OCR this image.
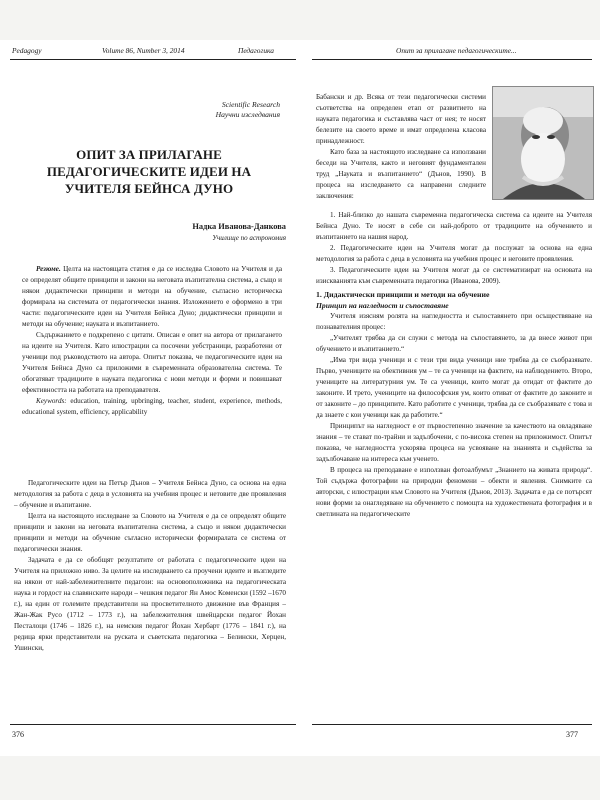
Pedagogy	Volume 86, Number 3, 2014	Педагогика
Scientific Research
Научни изследвания
ОПИТ ЗА ПРИЛАГАНЕ ПЕДАГОГИЧЕСКИТЕ ИДЕИ НА УЧИТЕЛЯ БЕЙНСА ДУНО
Надка Иванова-Данкова
Училище по астрономия

Резюме. Целта на настоящата статия е да се изследва Словото на Учителя и да се определят общите принципи и закони на неговата възпитателна система, а също и някои дидактически принципи и методи на обучение, съгласно историческа формирала на системата от педагогически знания. Изложението е оформено в три части: педагогическите идеи на Учителя Бейнса Дуно; дидактически принципи и методи на обучение; науката и възпитанието.

Съдържанието е подкрепено с цитати. Описан е опит на автора от прилагането на идеите на Учителя. Като илюстрации са посочени уебстраници, разработени от ученици под ръководството на автора. Опитът показва, че педагогическите идеи на Учителя Бейнса Дуно са приложими в съвременната образователна система. Те обогатяват традициите в науката педагогика с нови методи и форми и повишават ефективността на работата на преподавателя.

Keywords: education, training, upbringing, teacher, student, experience, methods, educational system, efficiency, applicability

Педагогическите идеи на Петър Дънов – Учителя Бейнса Дуно, са основа на една методология за работа с деца в условията на учебния процес и нетовите две проявления – обучение и възпитание.

Целта на настоящото изследване за Словото на Учителя е да се определят общите принципи и закони на неговата възпитателна система, а също и някои дидактически принципи и методи на обучение съгласно исторически формиралата се система от педагогически знания.

Задачата е да се обобщят резултатите от работата с педагогическите идеи на Учителя на приложно ниво. За целите на изследването са проучени идеите и възгледите на някои от най-забележителните педагози: на основоположника на педагогическата наука и гордост на славянските народи – чешкия педагог Ян Амос Коменски (1592 –1670 г.), на един от големите представители на просветителното движение във Франция – Жан-Жак Русо (1712 – 1773 г.), на забележителния швейцарски педагог Йохан Песталоци (1746 – 1826 г.), на немския педагог Йохан Хербарт (1776 – 1841 г.), на редица ярки представители на руската и съветската педагогика – Белински, Херцен, Ушински,

376
Опит за прилагане педагогическите...

Бабански и др. Всяка от тези педагогически системи съответства на определен етап от развитието на науката педагогика и съставлява част от нея; те носят белезите на своето време и имат определена класова принадлежност.

Като база за настоящото изследване са използвани беседи на Учителя, както и неговият фундаментален труд „Науката и възпитанието“ (Дънов, 1990). В процеса на изследването са направени следните заключения:

1. Най-близко до нашата съвременна педагогическа система са идеите на Учителя Бейнса Дуно. Те носят в себе си най-доброто от традициите на обучението и възпитанието на нашия народ.

2. Педагогическите идеи на Учителя могат да послужат за основа на една методология за работа с деца в условията на учебния процес и неговите проявления.

3. Педагогическите идеи на Учителя могат да се систематизират на основата на изискванията към съвременната педагогика (Иванова, 2009).

1. Дидактически принципи и методи на обучение

Принцип на нагледност и съпоставяне

Учителя изясням ролята на нагледността и съпоставянето при осъществяване на познавателния процес:

„Учителят трябва да си служи с метода на съпоставянето, за да внесе живот при обучението и възпитанието.“

„Има три вида ученици и с тези три вида ученици ние трябва да се съобразявате. Първо, учениците на обективния ум – те са ученици на фактите, на наблюдението. Второ, учениците на литературния ум. Те са ученици, които могат да отидат от фактите до законите. И трето, учениците на философския ум, които отиват от фактите до законите и от законите – до принципите. Като работите с ученици, трябва да се съобразявате с това и да знаете с кои ученици как да работите.“

Принципът на нагледност е от първостепенно значение за качеството на овладяване знания – те стават по-трайни и задълбочени, с по-висока степен на приложимост. Опитът показва, че нагледността ускорява процеса на усвояване на знанията и съдейства за задълбочаване на интереса към ученето.

В процеса на преподаване е използван фотоалбумът „Знанието на живата природа“. Той съдържа фотографии на природни феномени – обекти и явления. Снимките са авторски, с илюстрации към Словото на Учителя (Дънов, 2013). Задачата е да се потърсят нови форми за онагледяване на обучението с помощта на художествената фотография и в светлината на педагогическите

377
